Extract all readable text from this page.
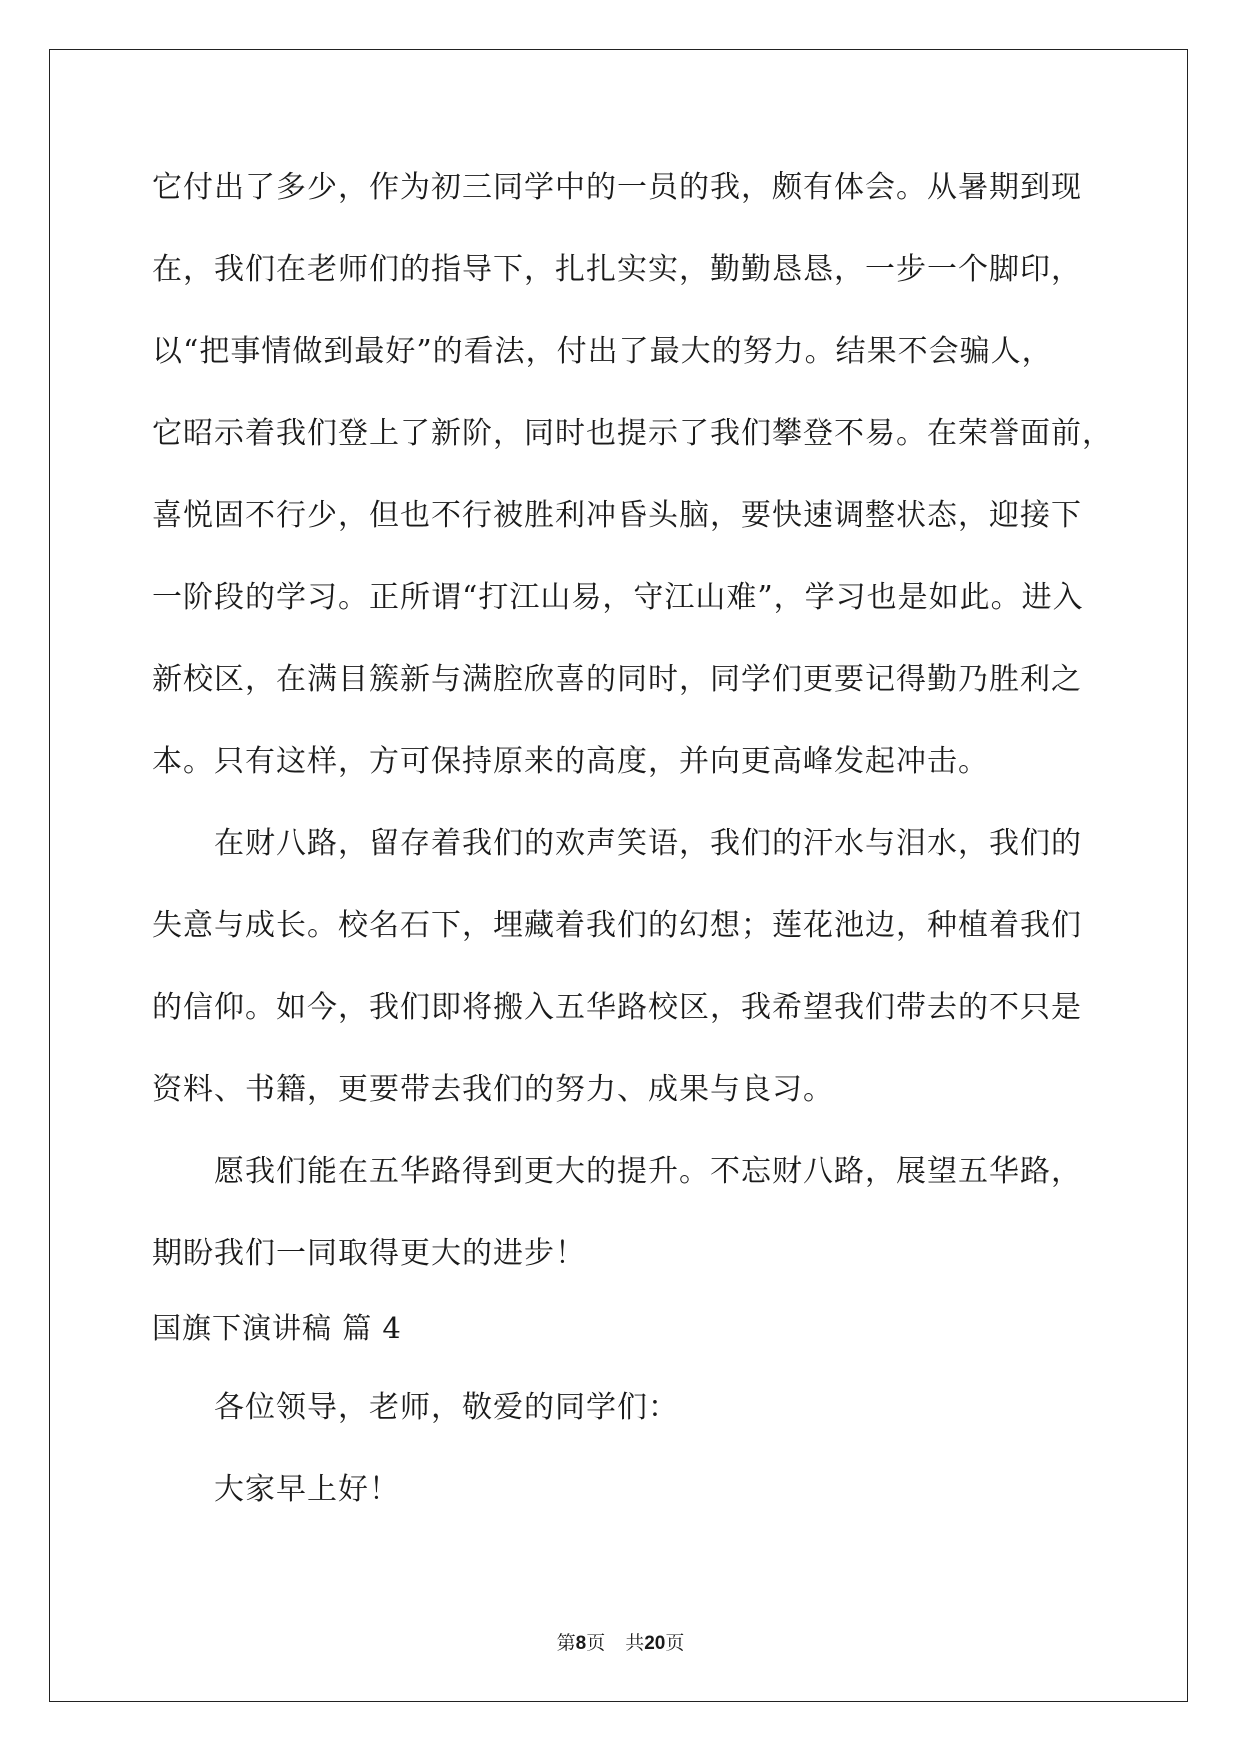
它付出了多少，作为初三同学中的一员的我，颇有体会。从暑期到现
在，我们在老师们的指导下，扎扎实实，勤勤恳恳，一步一个脚印，
以“把事情做到最好”的看法，付出了最大的努力。结果不会骗人，
它昭示着我们登上了新阶，同时也提示了我们攀登不易。在荣誉面前，
喜悦固不行少，但也不行被胜利冲昏头脑，要快速调整状态，迎接下
一阶段的学习。正所谓“打江山易，守江山难”，学习也是如此。进入
新校区，在满目簇新与满腔欣喜的同时，同学们更要记得勤乃胜利之
本。只有这样，方可保持原来的高度，并向更高峰发起冲击。
在财八路，留存着我们的欢声笑语，我们的汗水与泪水，我们的
失意与成长。校名石下，埋藏着我们的幻想；莲花池边，种植着我们
的信仰。如今，我们即将搬入五华路校区，我希望我们带去的不只是
资料、书籍，更要带去我们的努力、成果与良习。
愿我们能在五华路得到更大的提升。不忘财八路，展望五华路，
期盼我们一同取得更大的进步！
国旗下演讲稿 篇 4
各位领导，老师，敬爱的同学们：
大家早上好！
第8页 共20页
